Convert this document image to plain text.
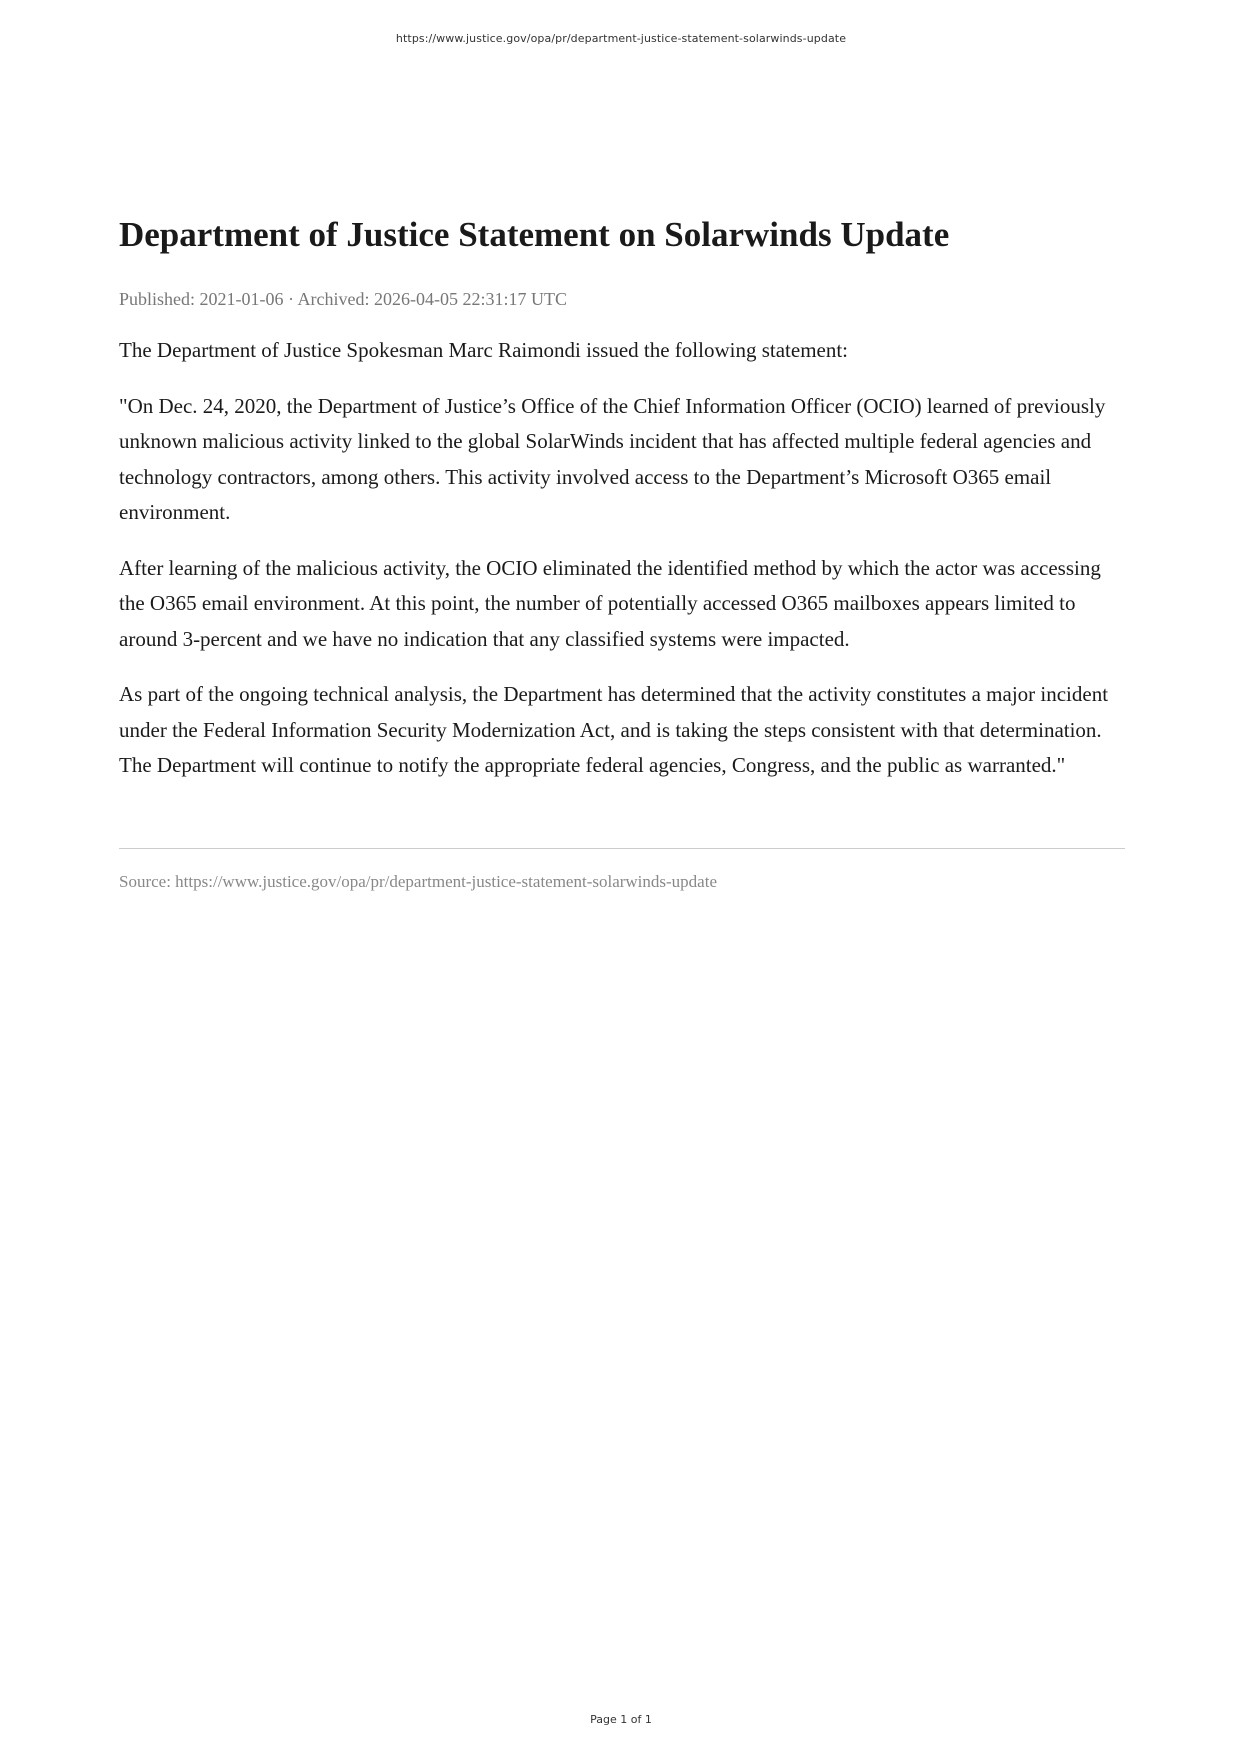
https://www.justice.gov/opa/pr/department-justice-statement-solarwinds-update
Department of Justice Statement on Solarwinds Update
Published: 2021-01-06 · Archived: 2026-04-05 22:31:17 UTC

The Department of Justice Spokesman Marc Raimondi issued the following statement:

"On Dec. 24, 2020, the Department of Justice’s Office of the Chief Information Officer (OCIO) learned of previously unknown malicious activity linked to the global SolarWinds incident that has affected multiple federal agencies and technology contractors, among others. This activity involved access to the Department’s Microsoft O365 email environment.

After learning of the malicious activity, the OCIO eliminated the identified method by which the actor was accessing the O365 email environment. At this point, the number of potentially accessed O365 mailboxes appears limited to around 3-percent and we have no indication that any classified systems were impacted.

As part of the ongoing technical analysis, the Department has determined that the activity constitutes a major incident under the Federal Information Security Modernization Act, and is taking the steps consistent with that determination. The Department will continue to notify the appropriate federal agencies, Congress, and the public as warranted."

Source: https://www.justice.gov/opa/pr/department-justice-statement-solarwinds-update
Page 1 of 1
